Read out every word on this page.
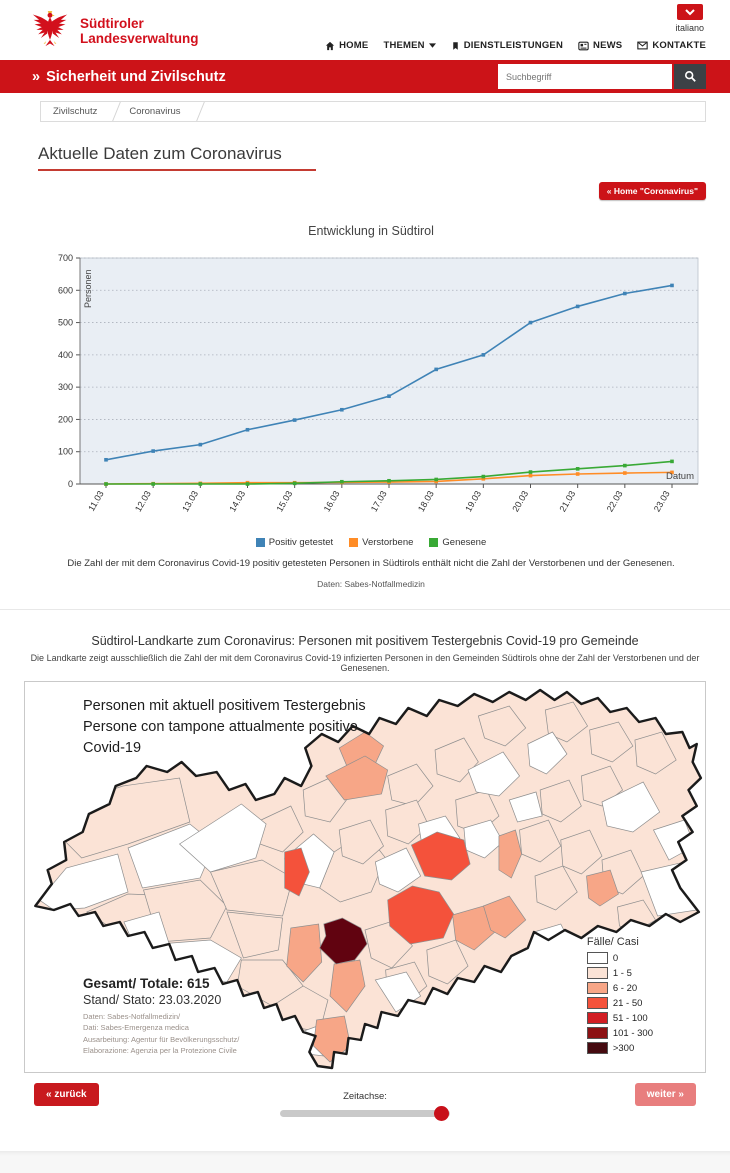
Südtiroler
Landesverwaltung
italiano
HOME THEMEN	DIENSTLEISTUNGEN	NEWS	KONTAKTE
» Sicherheit und Zivilschutz
Suchbegriff
Zivilschutz	Coronavirus
Aktuelle Daten zum Coronavirus
« Home "Coronavirus"
Entwicklung in Südtirol
0
100
200
300
400
500
600
700
11.03	12.03	13.03	14.03	15.03	16.03	17.03	18.03	19.03	20.03	21.03	22.03	23.03
Personen
Datum
Positiv getestet	Verstorbene	Genesene
Die Zahl der mit dem Coronavirus Covid-19 positiv getesteten Personen in Südtirols enthält nicht die Zahl der Verstorbenen und der Genesenen.
Daten: Sabes-Notfallmedizin
Südtirol-Landkarte zum Coronavirus: Personen mit positivem Testergebnis Covid-19 pro Gemeinde
Die Landkarte zeigt ausschließlich die Zahl der mit dem Coronavirus Covid-19 infizierten Personen in den Gemeinden Südtirols ohne der Zahl der Verstorbenen und der Genesenen.
Personen mit aktuell positivem Testergebnis
Persone con tampone attualmente positivo
Covid-19
Gesamt/ Totale: 615
Stand/ Stato: 23.03.2020
Daten: Sabes-Notfallmedizin/
Dati: Sabes-Emergenza medica
Ausarbeitung: Agentur für Bevölkerungsschutz/
Elaborazione: Agenzia per la Protezione Civile
Fälle/ Casi
0
1 - 5
6 - 20
21 - 50
51 - 100
101 - 300
>300
« zurück	Zeitachse:	weiter »
